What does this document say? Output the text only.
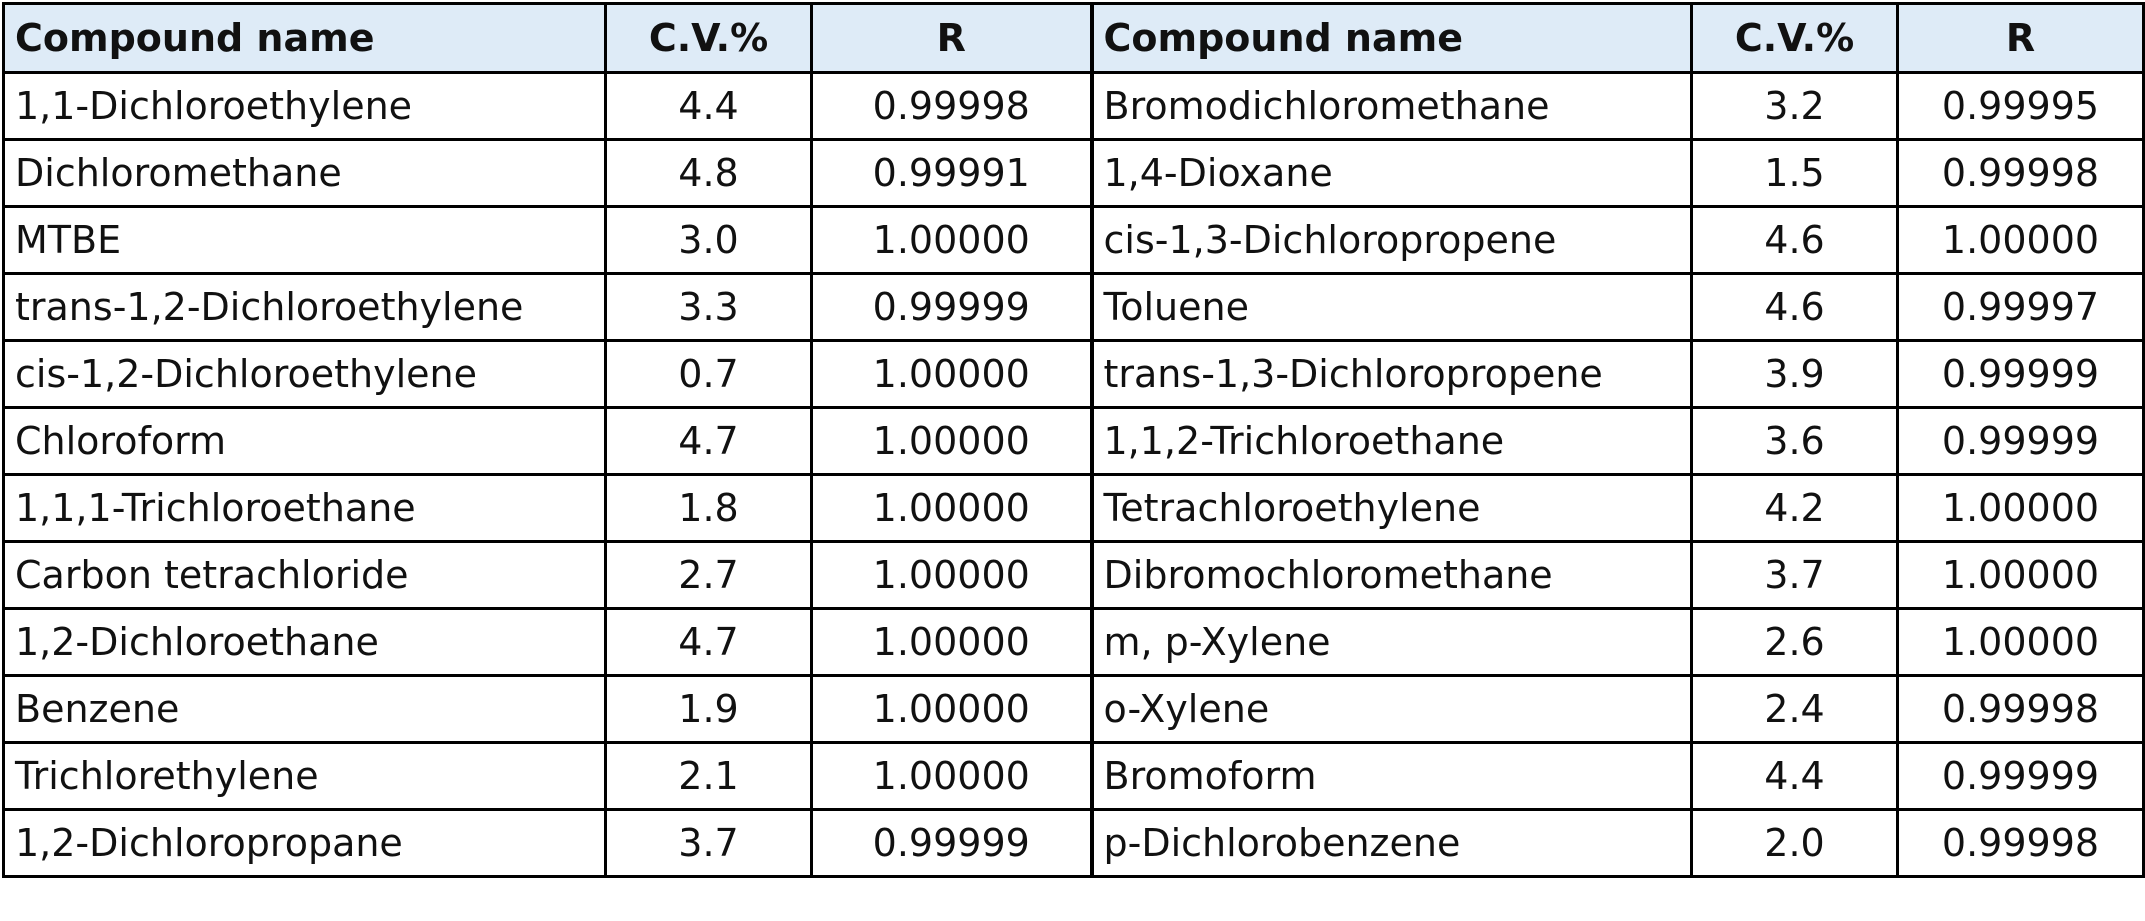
Compound name	C.V.%	R	Compound name	C.V.%	R
1,1-Dichloroethylene	4.4	0.99998	Bromodichloromethane	3.2	0.99995
Dichloromethane	4.8	0.99991	1,4-Dioxane	1.5	0.99998
MTBE	3.0	1.00000	cis-1,3-Dichloropropene	4.6	1.00000
trans-1,2-Dichloroethylene	3.3	0.99999	Toluene	4.6	0.99997
cis-1,2-Dichloroethylene	0.7	1.00000	trans-1,3-Dichloropropene	3.9	0.99999
Chloroform	4.7	1.00000	1,1,2-Trichloroethane	3.6	0.99999
1,1,1-Trichloroethane	1.8	1.00000	Tetrachloroethylene	4.2	1.00000
Carbon tetrachloride	2.7	1.00000	Dibromochloromethane	3.7	1.00000
1,2-Dichloroethane	4.7	1.00000	m, p-Xylene	2.6	1.00000
Benzene	1.9	1.00000	o-Xylene	2.4	0.99998
Trichlorethylene	2.1	1.00000	Bromoform	4.4	0.99999
1,2-Dichloropropane	3.7	0.99999	p-Dichlorobenzene	2.0	0.99998
